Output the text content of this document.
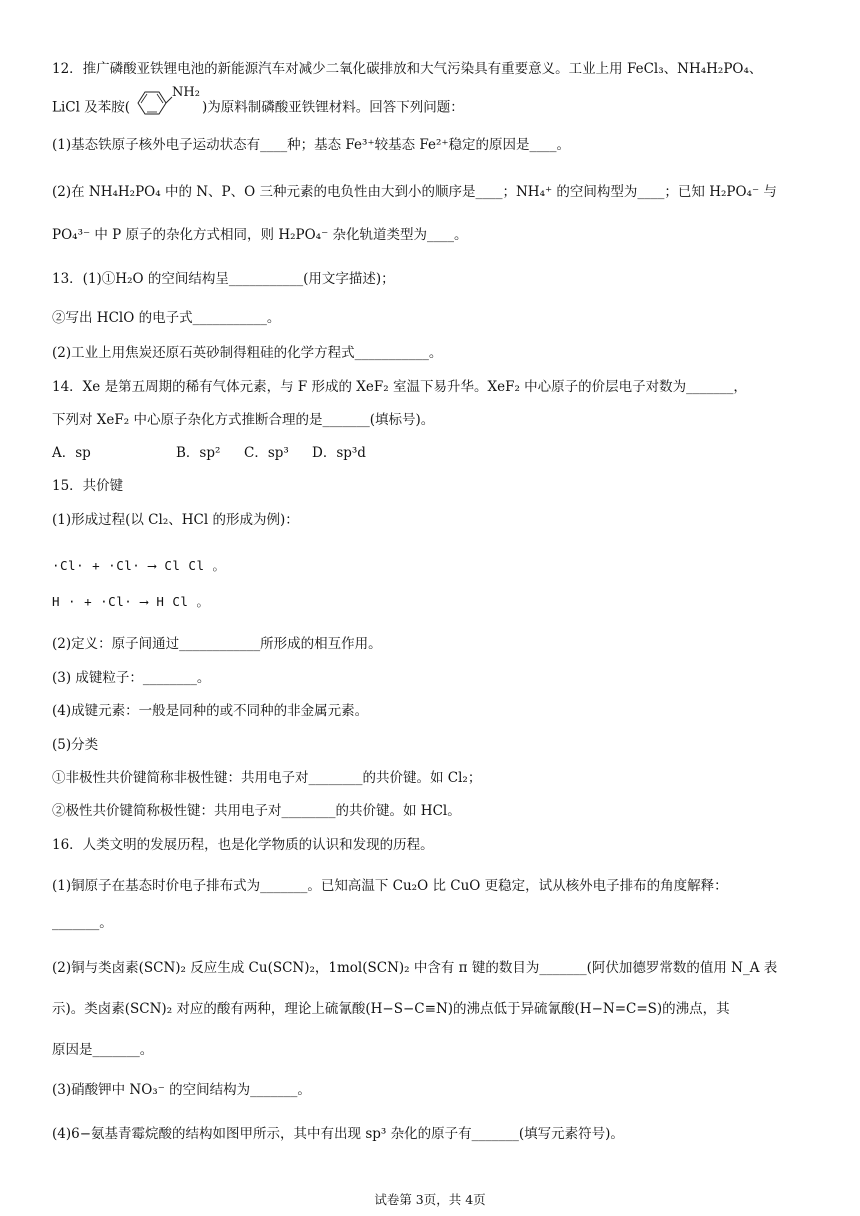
12．推广磷酸亚铁锂电池的新能源汽车对减少二氧化碳排放和大气污染具有重要意义。工业上用 FeCl₃、NH₄H₂PO₄、
LiCl 及苯胺(
NH₂
)为原料制磷酸亚铁锂材料。回答下列问题：
(1)基态铁原子核外电子运动状态有____种；基态 Fe³⁺较基态 Fe²⁺稳定的原因是____。
(2)在 NH₄H₂PO₄ 中的 N、P、O 三种元素的电负性由大到小的顺序是____；NH₄⁺ 的空间构型为____；已知 H₂PO₄⁻ 与
PO₄³⁻ 中 P 原子的杂化方式相同，则 H₂PO₄⁻ 杂化轨道类型为____。
13．(1)①H₂O 的空间结构呈___________(用文字描述)；
②写出 HClO 的电子式___________。
(2)工业上用焦炭还原石英砂制得粗硅的化学方程式___________。
14．Xe 是第五周期的稀有气体元素，与 F 形成的 XeF₂ 室温下易升华。XeF₂ 中心原子的价层电子对数为_______，
下列对 XeF₂ 中心原子杂化方式推断合理的是_______(填标号)。
A．sp	B．sp² C．sp³ D．sp³d
15．共价键
(1)形成过程(以 Cl₂、HCl 的形成为例)：
·Cl· + ·Cl· ⟶ Cl Cl 。
H · + ·Cl· ⟶ H Cl 。
(2)定义：原子间通过____________所形成的相互作用。
(3) 成键粒子：________。
(4)成键元素：一般是同种的或不同种的非金属元素。
(5)分类
①非极性共价键简称非极性键：共用电子对________的共价键。如 Cl₂；
②极性共价键简称极性键：共用电子对________的共价键。如 HCl。
16．人类文明的发展历程，也是化学物质的认识和发现的历程。
(1)铜原子在基态时价电子排布式为_______。已知高温下 Cu₂O 比 CuO 更稳定，试从核外电子排布的角度解释：
_______。
(2)铜与类卤素(SCN)₂ 反应生成 Cu(SCN)₂，1mol(SCN)₂ 中含有 π 键的数目为_______(阿伏加德罗常数的值用 N_A 表
示)。类卤素(SCN)₂ 对应的酸有两种，理论上硫氰酸(H−S−C≡N)的沸点低于异硫氰酸(H−N=C=S)的沸点，其
原因是_______。
(3)硝酸钾中 NO₃⁻ 的空间结构为_______。
(4)6−氨基青霉烷酸的结构如图甲所示，其中有出现 sp³ 杂化的原子有_______(填写元素符号)。
试卷第 3页，共 4页
